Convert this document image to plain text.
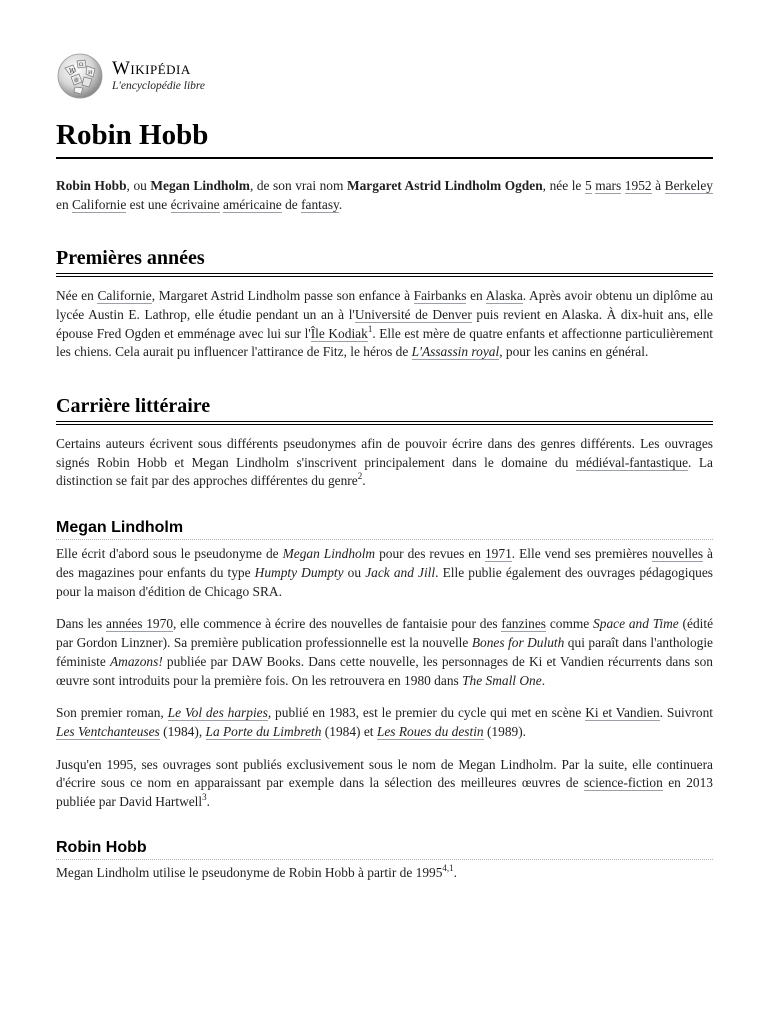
W
Ω
И
維
Wikipédia
L'encyclopédie libre
Robin Hobb

Robin Hobb, ou Megan Lindholm, de son vrai nom Margaret Astrid Lindholm Ogden, née le 5 mars 1952 à Berkeley en Californie est une écrivaine américaine de fantasy.

Premières années

Née en Californie, Margaret Astrid Lindholm passe son enfance à Fairbanks en Alaska. Après avoir obtenu un diplôme au lycée Austin E. Lathrop, elle étudie pendant un an à l'Université de Denver puis revient en Alaska. À dix-huit ans, elle épouse Fred Ogden et emménage avec lui sur l'Île Kodiak$^1$. Elle est mère de quatre enfants et affectionne particulièrement les chiens. Cela aurait pu influencer l'attirance de Fitz, le héros de L'Assassin royal, pour les canins en général.

Carrière littéraire

Certains auteurs écrivent sous différents pseudonymes afin de pouvoir écrire dans des genres différents. Les ouvrages signés Robin Hobb et Megan Lindholm s'inscrivent principalement dans le domaine du médiéval-fantastique. La distinction se fait par des approches différentes du genre$^2$.

Megan Lindholm

Elle écrit d'abord sous le pseudonyme de Megan Lindholm pour des revues en 1971. Elle vend ses premières nouvelles à des magazines pour enfants du type Humpty Dumpty ou Jack and Jill. Elle publie également des ouvrages pédagogiques pour la maison d'édition de Chicago SRA.

Dans les années 1970, elle commence à écrire des nouvelles de fantaisie pour des fanzines comme Space and Time (édité par Gordon Linzner). Sa première publication professionnelle est la nouvelle Bones for Duluth qui paraît dans l'anthologie féministe Amazons! publiée par DAW Books. Dans cette nouvelle, les personnages de Ki et Vandien récurrents dans son œuvre sont introduits pour la première fois. On les retrouvera en 1980 dans The Small One.

Son premier roman, Le Vol des harpies, publié en 1983, est le premier du cycle qui met en scène Ki et Vandien. Suivront Les Ventchanteuses (1984), La Porte du Limbreth (1984) et Les Roues du destin (1989).

Jusqu'en 1995, ses ouvrages sont publiés exclusivement sous le nom de Megan Lindholm. Par la suite, elle continuera d'écrire sous ce nom en apparaissant par exemple dans la sélection des meilleures œuvres de science-fiction en 2013 publiée par David Hartwell$^3$.

Robin Hobb

Megan Lindholm utilise le pseudonyme de Robin Hobb à partir de 1995$^{4,1}$.
